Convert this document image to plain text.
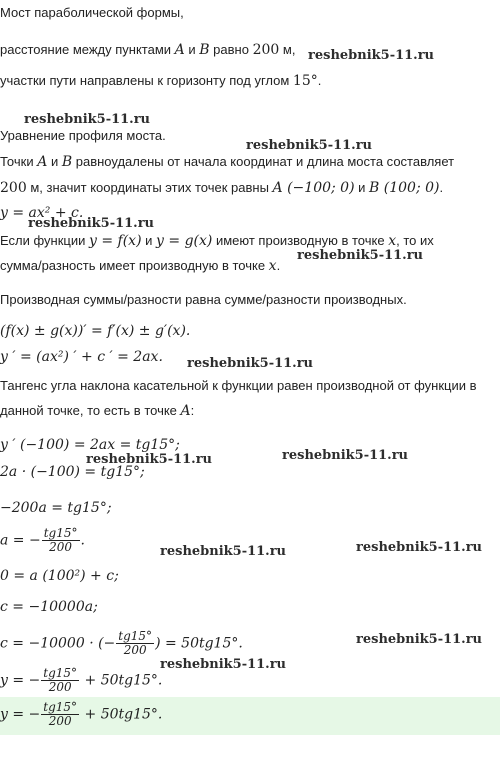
Мост параболической формы,
расстояние между пунктами A и B равно 200 м,
участки пути направлены к горизонту под углом 15°.
Уравнение профиля моста.
Точки A и B равноудалены от начала координат и длина моста составляет
200 м, значит координаты этих точек равны A (−100; 0) и B (100; 0).
y = ax² + c.
Если функции y = f(x) и y = g(x) имеют производную в точке x, то их
сумма/разность имеет производную в точке x.
Производная суммы/разности равна сумме/разности производных.
(f(x) ± g(x))′ = f′(x) ± g′(x).
y ′ = (ax²) ′ + c ′ = 2ax.
Тангенс угла наклона касательной к функции равен производной от функции в
данной точке, то есть в точке A:
y ′ (−100) = 2ax = tg15°;
2a · (−100) = tg15°;
−200a = tg15°;
a = − $\frac{tg15^\circ}{200}$ .
0 = a (100²) + c;
c = −10000a;
c = −10000 · (− $\frac{tg15^\circ}{200}$ ) = 50tg15°.
y = − $\frac{tg15^\circ}{200} + 50tg15^\circ$.
y = − $\frac{tg15^\circ}{200} + 50tg15^\circ$.
reshebnik5-11.ru
reshebnik5-11.ru
reshebnik5-11.ru
reshebnik5-11.ru
reshebnik5-11.ru
reshebnik5-11.ru
reshebnik5-11.ru	reshebnik5-11.ru
reshebnik5-11.ru	reshebnik5-11.ru
reshebnik5-11.ru
reshebnik5-11.ru
